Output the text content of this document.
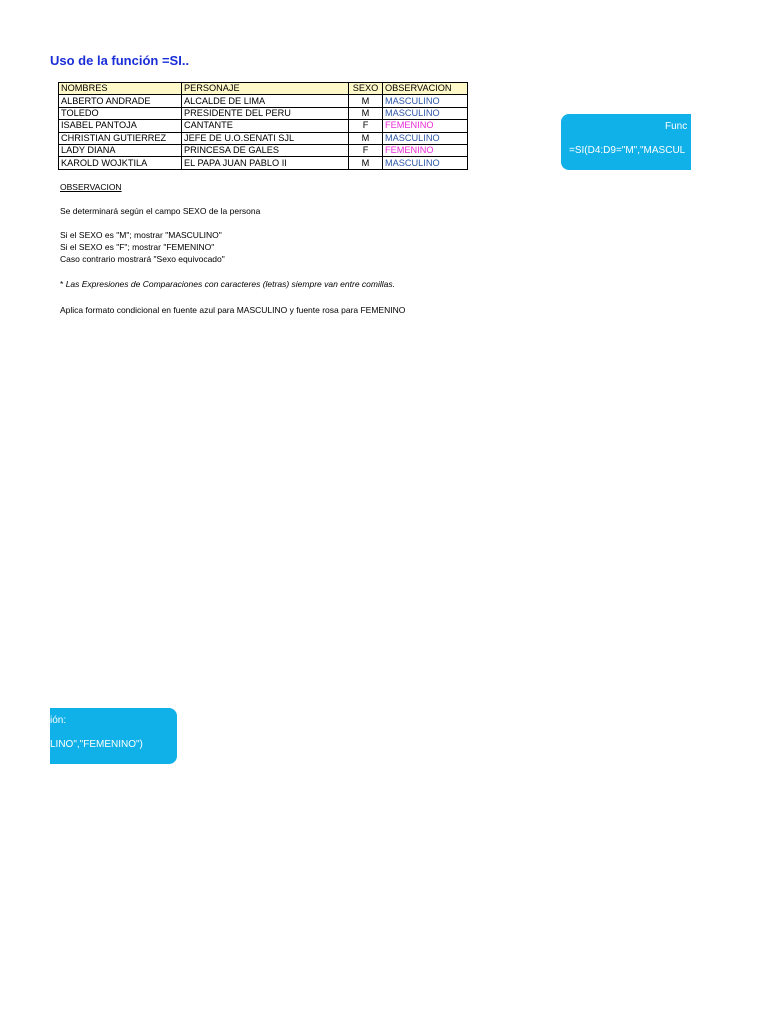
Uso de la función =SI..
NOMBRES	PERSONAJE	SEXO	OBSERVACION
ALBERTO ANDRADE	ALCALDE DE LIMA	M	MASCULINO
TOLEDO	PRESIDENTE DEL PERU	M	MASCULINO
ISABEL PANTOJA	CANTANTE	F	FEMENINO
CHRISTIAN GUTIERREZ	JEFE DE U.O.SENATI SJL	M	MASCULINO
LADY DIANA	PRINCESA DE GALES	F	FEMENINO
KAROLD WOJKTILA	EL PAPA JUAN PABLO II	M	MASCULINO
OBSERVACION
Se determinará según el campo SEXO de la persona
Si el SEXO es "M"; mostrar "MASCULINO"
Si el SEXO es "F"; mostrar "FEMENINO"
Caso contrario mostrará "Sexo equivocado"
* Las Expresiones de Comparaciones con caracteres (letras) siempre van entre comillas.
Aplica formato condicional en fuente azul para MASCULINO y fuente rosa para FEMENINO
Func
=SI(D4:D9="M","MASCUL
ión:
LINO","FEMENINO")
